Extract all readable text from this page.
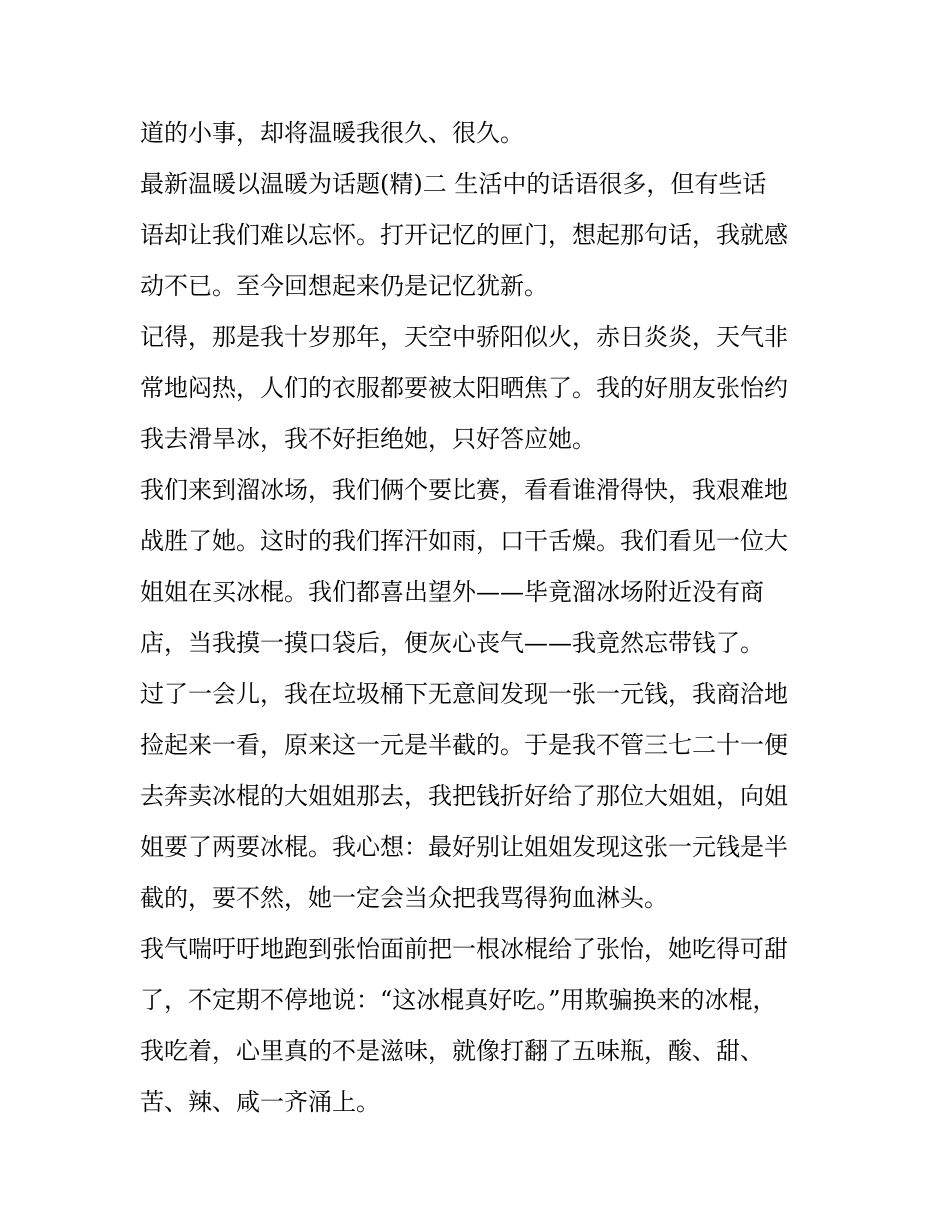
道的小事，却将温暖我很久、很久。
最新温暖以温暖为话题(精)二 生活中的话语很多，但有些话
语却让我们难以忘怀。打开记忆的匣门，想起那句话，我就感
动不已。至今回想起来仍是记忆犹新。
记得，那是我十岁那年，天空中骄阳似火，赤日炎炎，天气非
常地闷热，人们的衣服都要被太阳晒焦了。我的好朋友张怡约
我去滑旱冰，我不好拒绝她，只好答应她。
我们来到溜冰场，我们俩个要比赛，看看谁滑得快，我艰难地
战胜了她。这时的我们挥汗如雨，口干舌燥。我们看见一位大
姐姐在买冰棍。我们都喜出望外——毕竟溜冰场附近没有商
店，当我摸一摸口袋后，便灰心丧气——我竟然忘带钱了。
过了一会儿，我在垃圾桶下无意间发现一张一元钱，我商洽地
捡起来一看，原来这一元是半截的。于是我不管三七二十一便
去奔卖冰棍的大姐姐那去，我把钱折好给了那位大姐姐，向姐
姐要了两要冰棍。我心想：最好别让姐姐发现这张一元钱是半
截的，要不然，她一定会当众把我骂得狗血淋头。
我气喘吁吁地跑到张怡面前把一根冰棍给了张怡，她吃得可甜
了，不定期不停地说：“这冰棍真好吃。”用欺骗换来的冰棍，
我吃着，心里真的不是滋味，就像打翻了五味瓶，酸、甜、
苦、辣、咸一齐涌上。
